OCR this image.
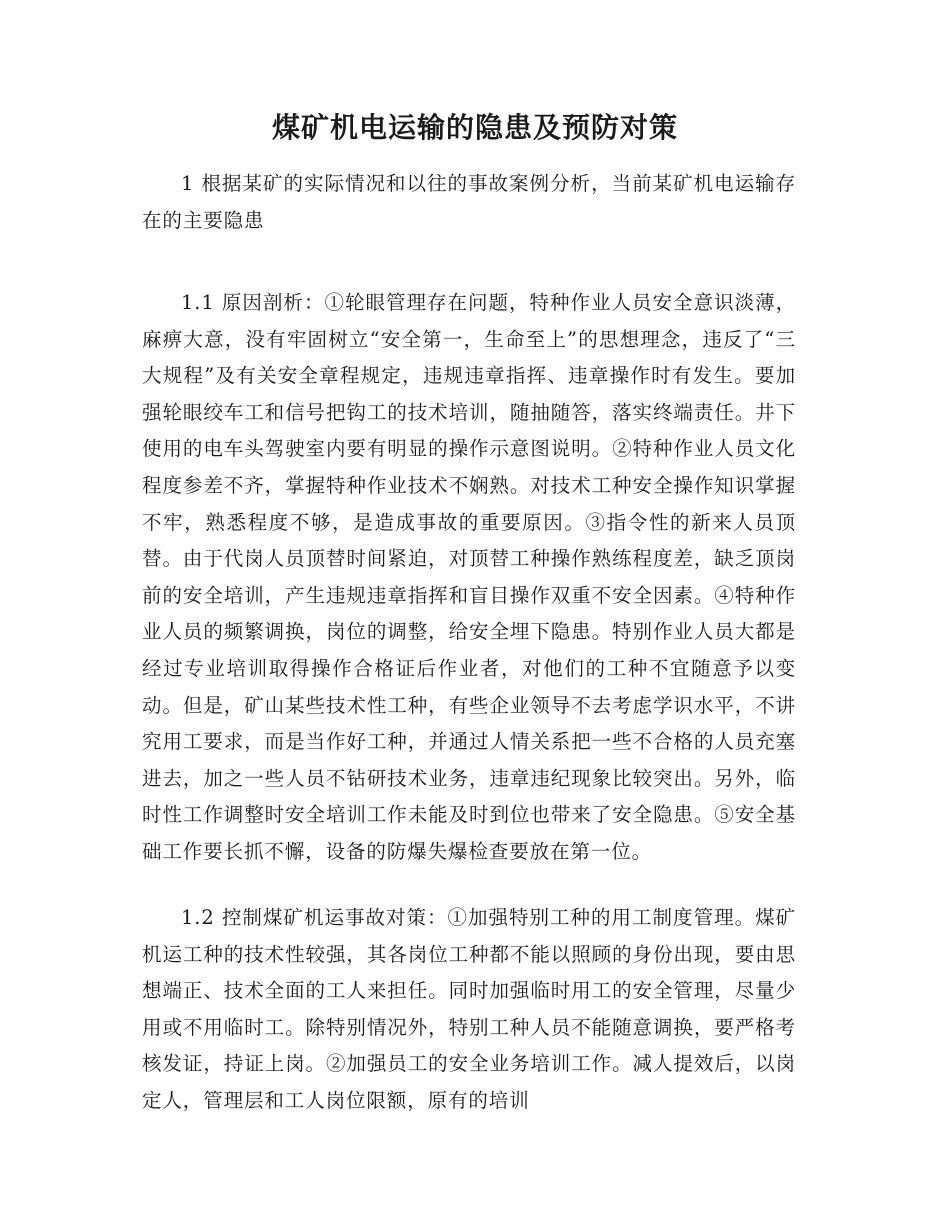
煤矿机电运输的隐患及预防对策

1 根据某矿的实际情况和以往的事故案例分析，当前某矿机电运输存在的主要隐患

1.1 原因剖析：①轮眼管理存在问题，特种作业人员安全意识淡薄，麻痹大意，没有牢固树立“安全第一，生命至上”的思想理念，违反了“三大规程”及有关安全章程规定，违规违章指挥、违章操作时有发生。要加强轮眼绞车工和信号把钩工的技术培训，随抽随答，落实终端责任。井下使用的电车头驾驶室内要有明显的操作示意图说明。②特种作业人员文化程度参差不齐，掌握特种作业技术不娴熟。对技术工种安全操作知识掌握不牢，熟悉程度不够，是造成事故的重要原因。③指令性的新来人员顶替。由于代岗人员顶替时间紧迫，对顶替工种操作熟练程度差，缺乏顶岗前的安全培训，产生违规违章指挥和盲目操作双重不安全因素。④特种作业人员的频繁调换，岗位的调整，给安全埋下隐患。特别作业人员大都是经过专业培训取得操作合格证后作业者，对他们的工种不宜随意予以变动。但是，矿山某些技术性工种，有些企业领导不去考虑学识水平，不讲究用工要求，而是当作好工种，并通过人情关系把一些不合格的人员充塞进去，加之一些人员不钻研技术业务，违章违纪现象比较突出。另外，临时性工作调整时安全培训工作未能及时到位也带来了安全隐患。⑤安全基础工作要长抓不懈，设备的防爆失爆检查要放在第一位。

1.2 控制煤矿机运事故对策：①加强特别工种的用工制度管理。煤矿机运工种的技术性较强，其各岗位工种都不能以照顾的身份出现，要由思想端正、技术全面的工人来担任。同时加强临时用工的安全管理，尽量少用或不用临时工。除特别情况外，特别工种人员不能随意调换，要严格考核发证，持证上岗。②加强员工的安全业务培训工作。减人提效后，以岗定人，管理层和工人岗位限额，原有的培训
